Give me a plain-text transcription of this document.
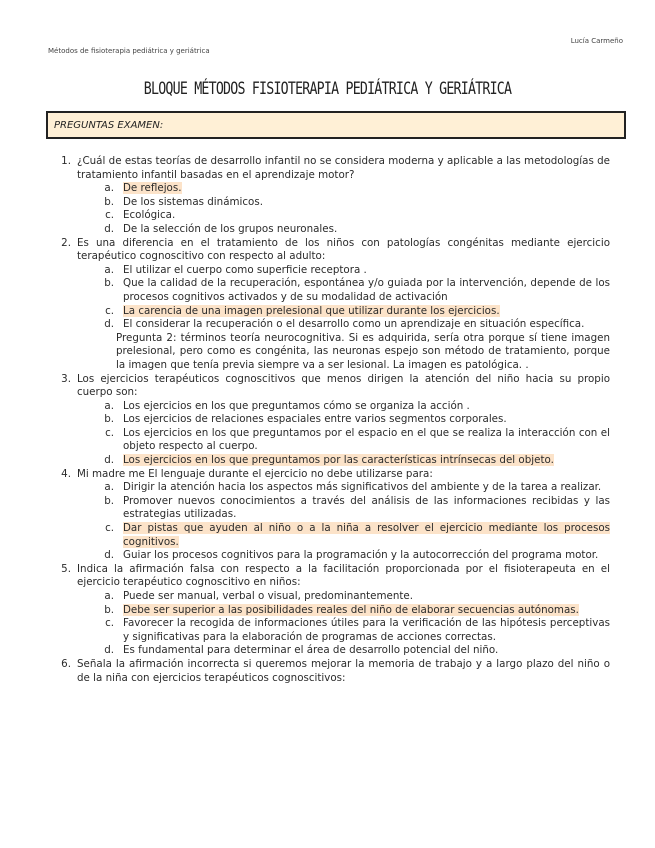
Lucía Carmeño
Métodos de fisioterapia pediátrica y geriátrica
BLOQUE MÉTODOS FISIOTERAPIA PEDIÁTRICA Y GERIÁTRICA
PREGUNTAS EXAMEN:
1. ¿Cuál de estas teorías de desarrollo infantil no se considera moderna y aplicable a las metodologías de tratamiento infantil basadas en el aprendizaje motor?
a. De reflejos.
b. De los sistemas dinámicos.
c. Ecológica.
d. De la selección de los grupos neuronales.
2. Es una diferencia en el tratamiento de los niños con patologías congénitas mediante ejercicio terapéutico cognoscitivo con respecto al adulto:
a. El utilizar el cuerpo como superficie receptora .
b. Que la calidad de la recuperación, espontánea y/o guiada por la intervención, depende de los procesos cognitivos activados y de su modalidad de activación
c. La carencia de una imagen prelesional que utilizar durante los ejercicios.
d. El considerar la recuperación o el desarrollo como un aprendizaje en situación específica.
Pregunta 2: términos teoría neurocognitiva. Si es adquirida, sería otra porque sí tiene imagen prelesional, pero como es congénita, las neuronas espejo son método de tratamiento, porque la imagen que tenía previa siempre va a ser lesional. La imagen es patológica. .
3. Los ejercicios terapéuticos cognoscitivos que menos dirigen la atención del niño hacia su propio cuerpo son:
a. Los ejercicios en los que preguntamos cómo se organiza la acción .
b. Los ejercicios de relaciones espaciales entre varios segmentos corporales.
c. Los ejercicios en los que preguntamos por el espacio en el que se realiza la interacción con el objeto respecto al cuerpo.
d. Los ejercicios en los que preguntamos por las características intrínsecas del objeto.
4. Mi madre me El lenguaje durante el ejercicio no debe utilizarse para:
a. Dirigir la atención hacia los aspectos más significativos del ambiente y de la tarea a realizar.
b. Promover nuevos conocimientos a través del análisis de las informaciones recibidas y las estrategias utilizadas.
c. Dar pistas que ayuden al niño o a la niña a resolver el ejercicio mediante los procesos cognitivos.
d. Guiar los procesos cognitivos para la programación y la autocorrección del programa motor.
5. Indica la afirmación falsa con respecto a la facilitación proporcionada por el fisioterapeuta en el ejercicio terapéutico cognoscitivo en niños:
a. Puede ser manual, verbal o visual, predominantemente.
b. Debe ser superior a las posibilidades reales del niño de elaborar secuencias autónomas.
c. Favorecer la recogida de informaciones útiles para la verificación de las hipótesis perceptivas y significativas para la elaboración de programas de acciones correctas.
d. Es fundamental para determinar el área de desarrollo potencial del niño.
6. Señala la afirmación incorrecta si queremos mejorar la memoria de trabajo y a largo plazo del niño o de la niña con ejercicios terapéuticos cognoscitivos:
